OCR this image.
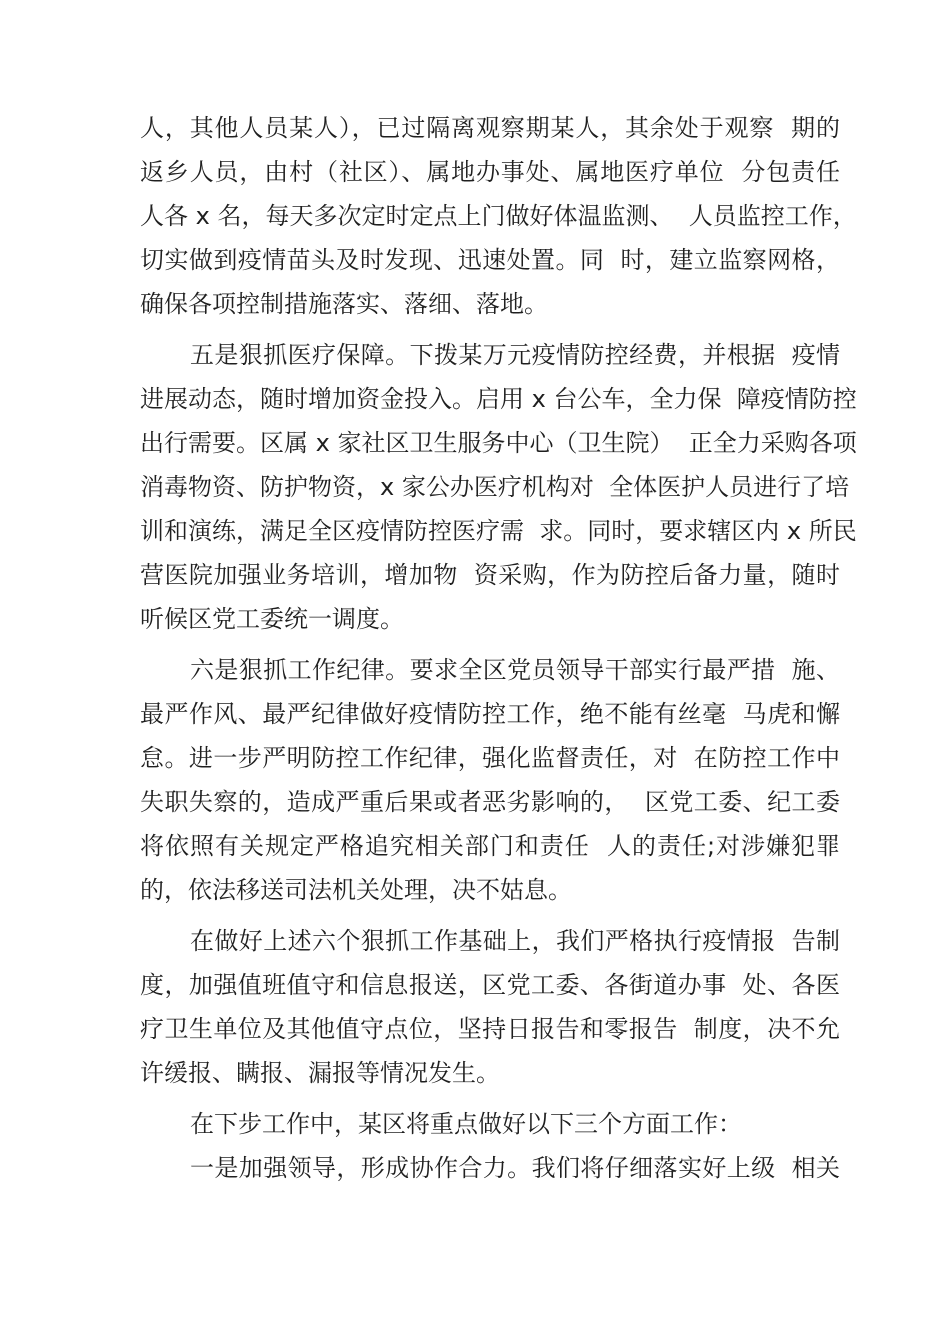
人，其他人员某人），已过隔离观察期某人，其余处于观察  期的
返乡人员，由村（社区）、属地办事处、属地医疗单位  分包责任
人各 x 名，每天多次定时定点上门做好体温监测、  人员监控工作，
切实做到疫情苗头及时发现、迅速处置。同  时，建立监察网格，
确保各项控制措施落实、落细、落地。
五是狠抓医疗保障。下拨某万元疫情防控经费，并根据  疫情
进展动态，随时增加资金投入。启用 x 台公车，全力保  障疫情防控
出行需要。区属 x 家社区卫生服务中心（卫生院）  正全力采购各项
消毒物资、防护物资，x 家公办医疗机构对  全体医护人员进行了培
训和演练，满足全区疫情防控医疗需  求。同时，要求辖区内 x 所民
营医院加强业务培训，增加物  资采购，作为防控后备力量，随时
听候区党工委统一调度。
六是狠抓工作纪律。要求全区党员领导干部实行最严措  施、
最严作风、最严纪律做好疫情防控工作，绝不能有丝毫  马虎和懈
怠。进一步严明防控工作纪律，强化监督责任，对  在防控工作中
失职失察的，造成严重后果或者恶劣影响的，  区党工委、纪工委
将依照有关规定严格追究相关部门和责任  人的责任;对涉嫌犯罪
的，依法移送司法机关处理，决不姑息。
在做好上述六个狠抓工作基础上，我们严格执行疫情报  告制
度，加强值班值守和信息报送，区党工委、各街道办事  处、各医
疗卫生单位及其他值守点位，坚持日报告和零报告  制度，决不允
许缓报、瞒报、漏报等情况发生。
在下步工作中，某区将重点做好以下三个方面工作：
一是加强领导，形成协作合力。我们将仔细落实好上级  相关
